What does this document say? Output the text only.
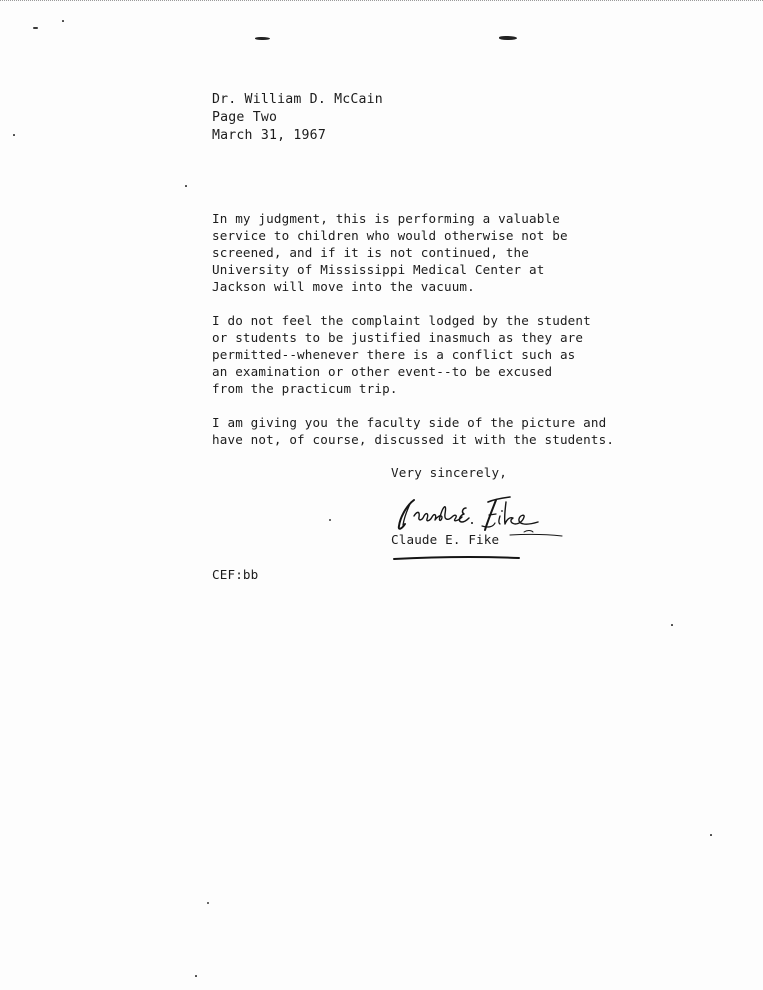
Dr. William D. McCain
Page Two
March 31, 1967
In my judgment, this is performing a valuable
service to children who would otherwise not be
screened, and if it is not continued, the
University of Mississippi Medical Center at
Jackson will move into the vacuum.
I do not feel the complaint lodged by the student
or students to be justified inasmuch as they are
permitted--whenever there is a conflict such as
an examination or other event--to be excused
from the practicum trip.
I am giving you the faculty side of the picture and
have not, of course, discussed it with the students.
Very sincerely,
Claude E. Fike
CEF:bb
